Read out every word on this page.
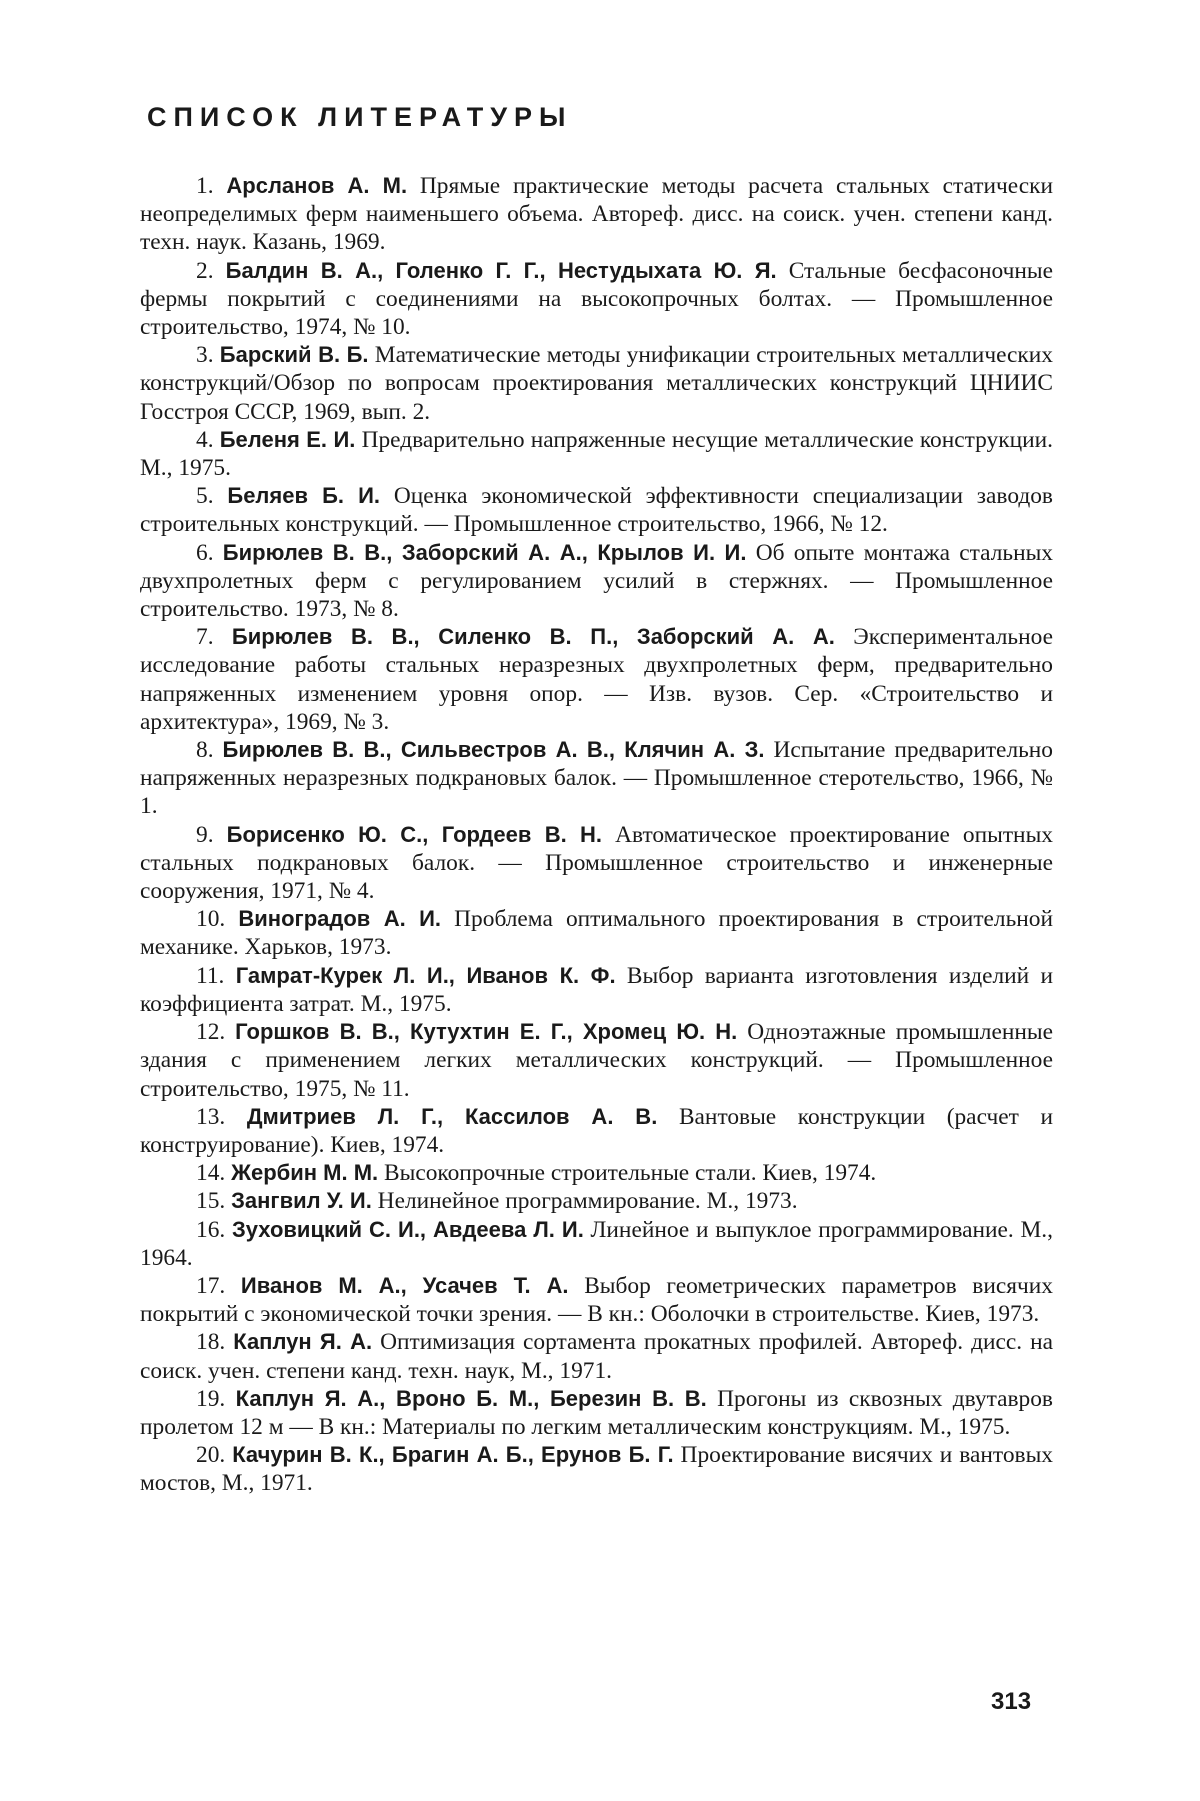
СПИСОК ЛИТЕРАТУРЫ
1. Арсланов А. М. Прямые практические методы расчета стальных статически неопределимых ферм наименьшего объема. Автореф. дисс. на соиск. учен. степени канд. техн. наук. Казань, 1969.
2. Балдин В. А., Голенко Г. Г., Нестудыхата Ю. Я. Стальные бесфасоночные фермы покрытий с соединениями на высокопрочных болтах. — Промышленное строительство, 1974, № 10.
3. Барский В. Б. Математические методы унификации строительных металлических конструкций/Обзор по вопросам проектирования металлических конструкций ЦНИИС Госстроя СССР, 1969, вып. 2.
4. Беленя Е. И. Предварительно напряженные несущие металлические конструкции. М., 1975.
5. Беляев Б. И. Оценка экономической эффективности специализации заводов строительных конструкций. — Промышленное строительство, 1966, № 12.
6. Бирюлев В. В., Заборский А. А., Крылов И. И. Об опыте монтажа стальных двухпролетных ферм с регулированием усилий в стержнях. — Промышленное строительство. 1973, № 8.
7. Бирюлев В. В., Силенко В. П., Заборский А. А. Экспериментальное исследование работы стальных неразрезных двухпролетных ферм, предварительно напряженных изменением уровня опор. — Изв. вузов. Сер. «Строительство и архитектура», 1969, № 3.
8. Бирюлев В. В., Сильвестров А. В., Клячин А. З. Испытание предварительно напряженных неразрезных подкрановых балок. — Промышленное стеротельство, 1966, № 1.
9. Борисенко Ю. С., Гордеев В. Н. Автоматическое проектирование опытных стальных подкрановых балок. — Промышленное строительство и инженерные сооружения, 1971, № 4.
10. Виноградов А. И. Проблема оптимального проектирования в строительной механике. Харьков, 1973.
11. Гамрат-Курек Л. И., Иванов К. Ф. Выбор варианта изготовления изделий и коэффициента затрат. М., 1975.
12. Горшков В. В., Кутухтин Е. Г., Хромец Ю. Н. Одноэтажные промышленные здания с применением легких металлических конструкций. — Промышленное строительство, 1975, № 11.
13. Дмитриев Л. Г., Кассилов А. В. Вантовые конструкции (расчет и конструирование). Киев, 1974.
14. Жербин М. М. Высокопрочные строительные стали. Киев, 1974.
15. Зангвил У. И. Нелинейное программирование. М., 1973.
16. Зуховицкий С. И., Авдеева Л. И. Линейное и выпуклое программирование. М., 1964.
17. Иванов М. А., Усачев Т. А. Выбор геометрических параметров висячих покрытий с экономической точки зрения. — В кн.: Оболочки в строительстве. Киев, 1973.
18. Каплун Я. А. Оптимизация сортамента прокатных профилей. Автореф. дисс. на соиск. учен. степени канд. техн. наук, М., 1971.
19. Каплун Я. А., Вроно Б. М., Березин В. В. Прогоны из сквозных двутавров пролетом 12 м — В кн.: Материалы по легким металлическим конструкциям. М., 1975.
20. Качурин В. К., Брагин А. Б., Ерунов Б. Г. Проектирование висячих и вантовых мостов, М., 1971.
313
